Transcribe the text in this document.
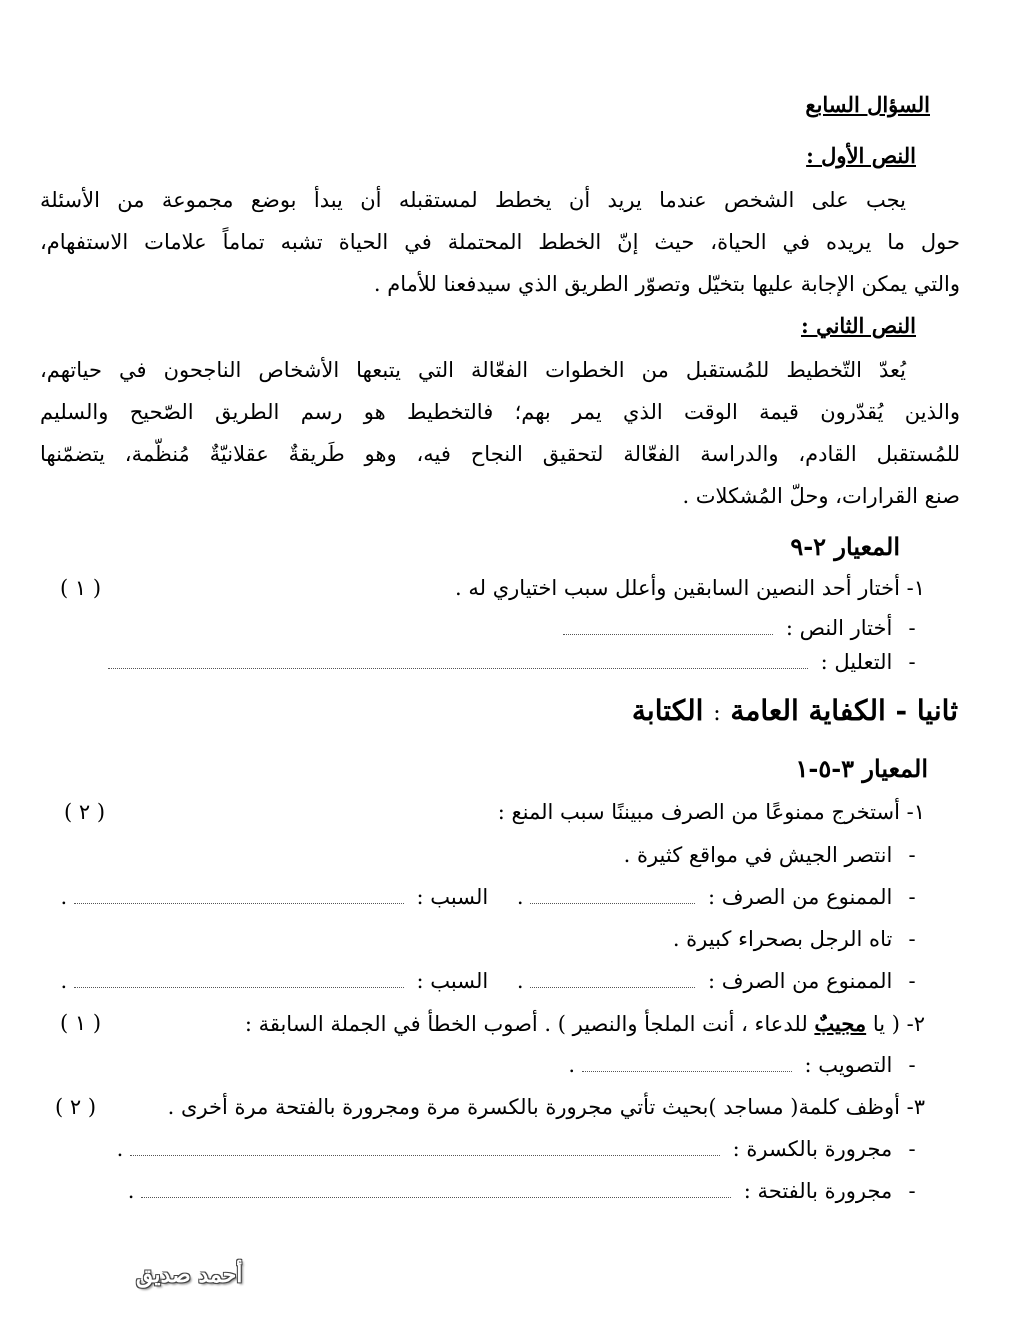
السؤال السابع
النص الأول :
يجب على الشخص عندما يريد أن يخطط لمستقبله أن يبدأ بوضع مجموعة من الأسئلة
حول ما يريده في الحياة، حيث إنّ الخطط المحتملة في الحياة تشبه تماماً علامات الاستفهام،
والتي يمكن الإجابة عليها بتخيّل وتصوّر الطريق الذي سيدفعنا للأمام .
النص الثاني :
يُعدّ التّخطيط للمُستقبل من الخطوات الفعّالة التي يتبعها الأشخاص الناجحون في حياتهم،
والذين يُقدّرون قيمة الوقت الذي يمر بهم؛ فالتخطيط هو رسم الطريق الصّحيح والسليم
للمُستقبل القادم، والدراسة الفعّالة لتحقيق النجاح فيه، وهو طَريقةٌ عقلانيّةٌ مُنظّمة، يتضمّنها
صنع القرارات، وحلّ المُشكلات .
المعيار ٢-٩
١- أختار أحد النصين السابقين وأعلل سبب اختياري له .
( ١ )
- أختار النص :
- التعليل :
ثانيا - الكفاية العامة : الكتابة
المعيار ٣-٥-١
١- أستخرج ممنوعًا من الصرف مبيننًا سبب المنع :
( ٢ )
- انتصر الجيش في مواقع كثيرة .
- الممنوع من الصرف :  . السبب :  .
- تاه الرجل بصحراء كبيرة .
- الممنوع من الصرف :  . السبب :  .
٢- ( يا مجيبٌ للدعاء ، أنت الملجأ والنصير ) . أصوب الخطأ في الجملة السابقة :
( ١ )
- التصويب :  .
٣- أوظف كلمة( مساجد )بحيث تأتي مجرورة بالكسرة مرة ومجرورة بالفتحة مرة أخرى .
( ٢ )
- مجرورة بالكسرة :  .
- مجرورة بالفتحة :  .
أحمد صديق
